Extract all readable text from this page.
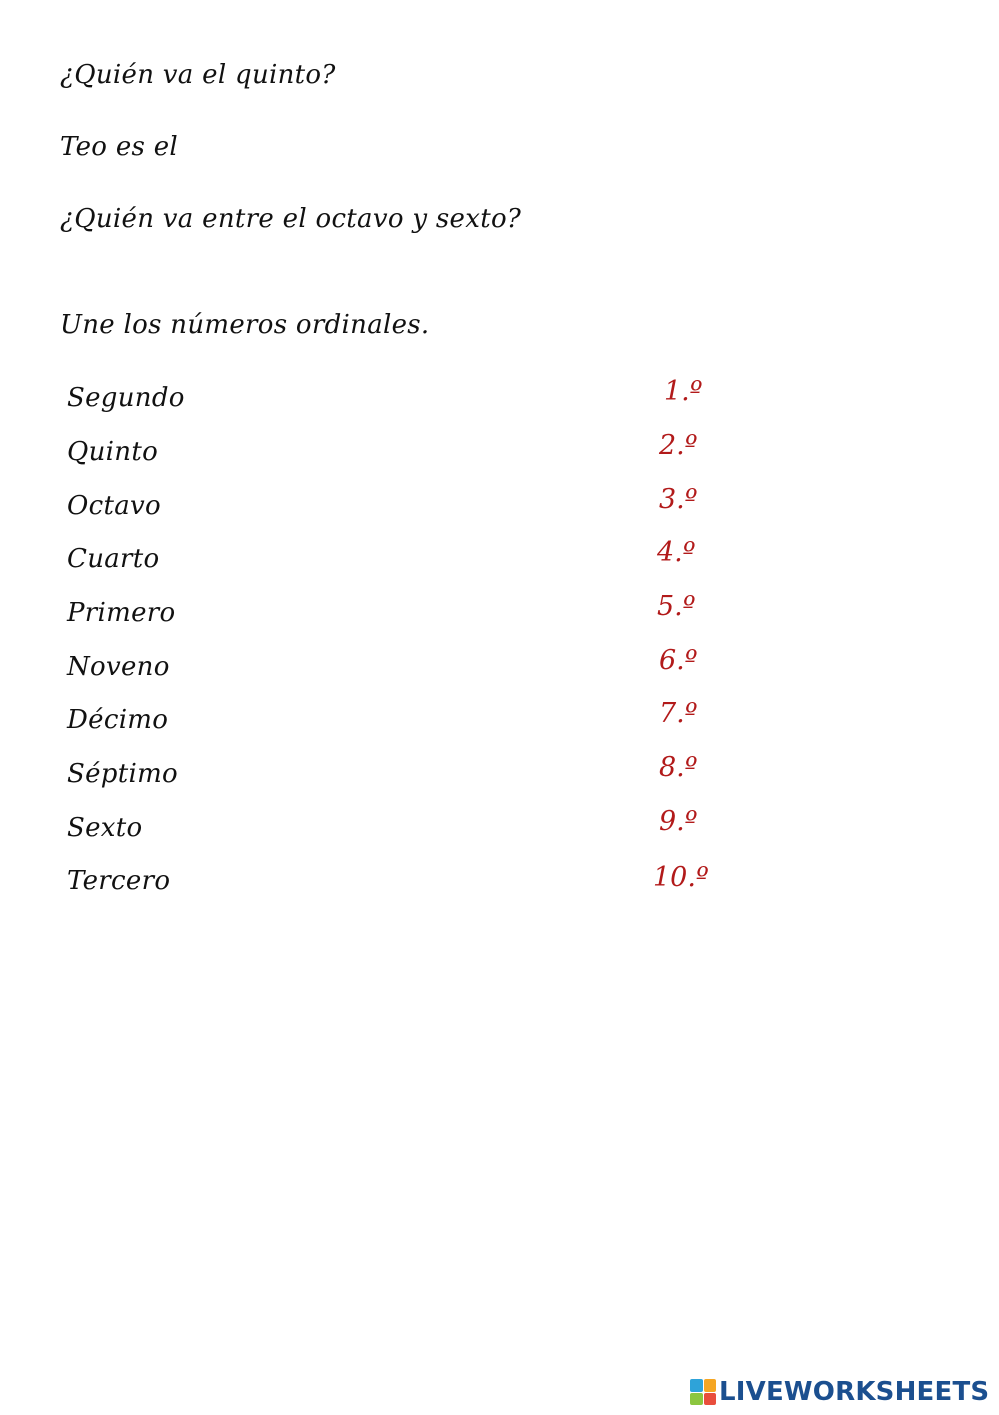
¿Quién va el quinto?
Teo es el
¿Quién va entre el octavo y sexto?
Une los números ordinales.
Segundo
Quinto
Octavo
Cuarto
Primero
Noveno
Décimo
Séptimo
Sexto
Tercero
1.º
2.º
3.º
4.º
5.º
6.º
7.º
8.º
9.º
10.º
LIVEWORKSHEETS
